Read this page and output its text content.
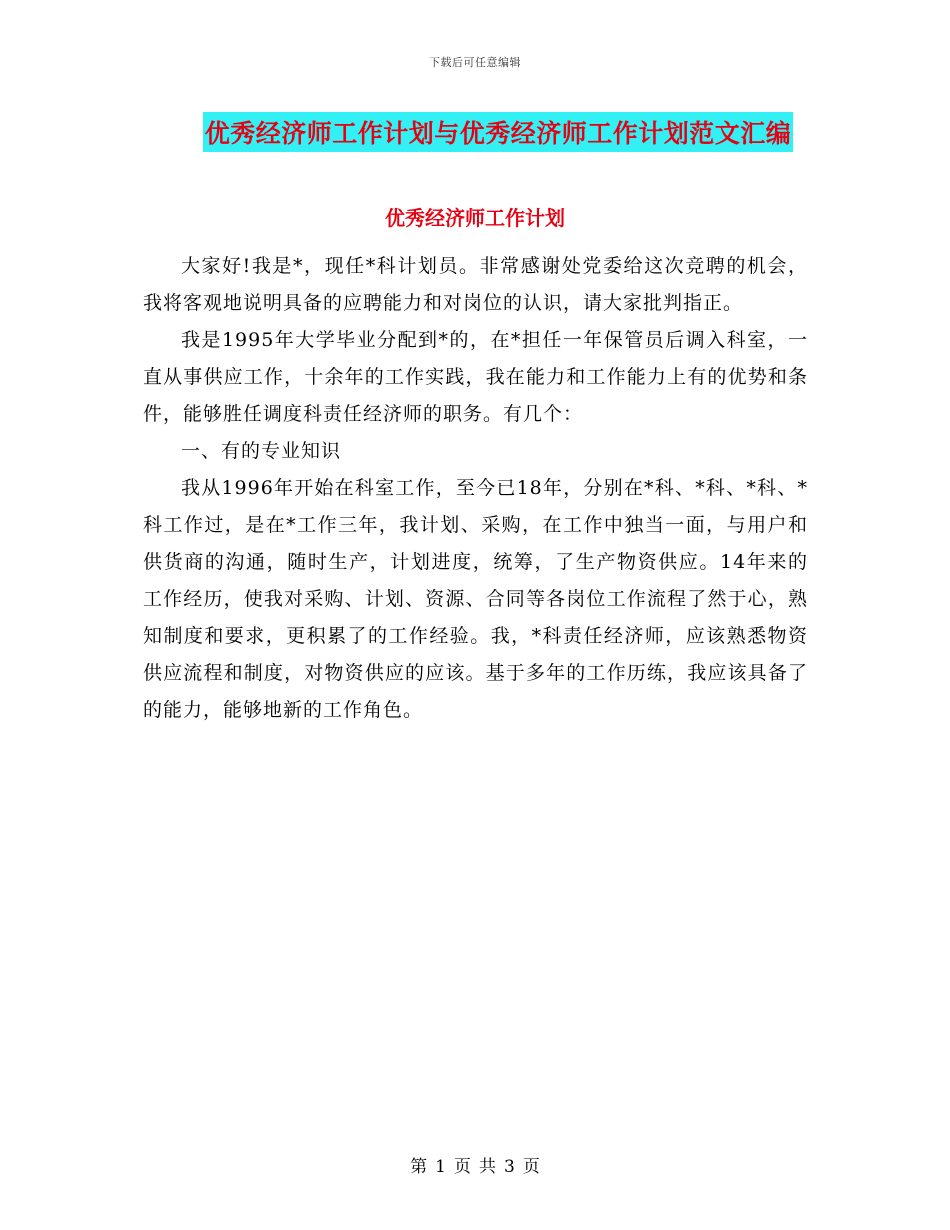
下载后可任意编辑
优秀经济师工作计划与优秀经济师工作计划范文汇编
优秀经济师工作计划

大家好!我是*，现任*科计划员。非常感谢处党委给这次竞聘的机会，我将客观地说明具备的应聘能力和对岗位的认识，请大家批判指正。

我是1995年大学毕业分配到*的，在*担任一年保管员后调入科室，一直从事供应工作，十余年的工作实践，我在能力和工作能力上有的优势和条件，能够胜任调度科责任经济师的职务。有几个：

一、有的专业知识

我从1996年开始在科室工作，至今已18年，分别在*科、*科、*科、*科工作过，是在*工作三年，我计划、采购，在工作中独当一面，与用户和供货商的沟通，随时生产，计划进度，统筹，了生产物资供应。14年来的工作经历，使我对采购、计划、资源、合同等各岗位工作流程了然于心，熟知制度和要求，更积累了的工作经验。我，*科责任经济师，应该熟悉物资供应流程和制度，对物资供应的应该。基于多年的工作历练，我应该具备了的能力，能够地新的工作角色。

第 1 页 共 3 页
